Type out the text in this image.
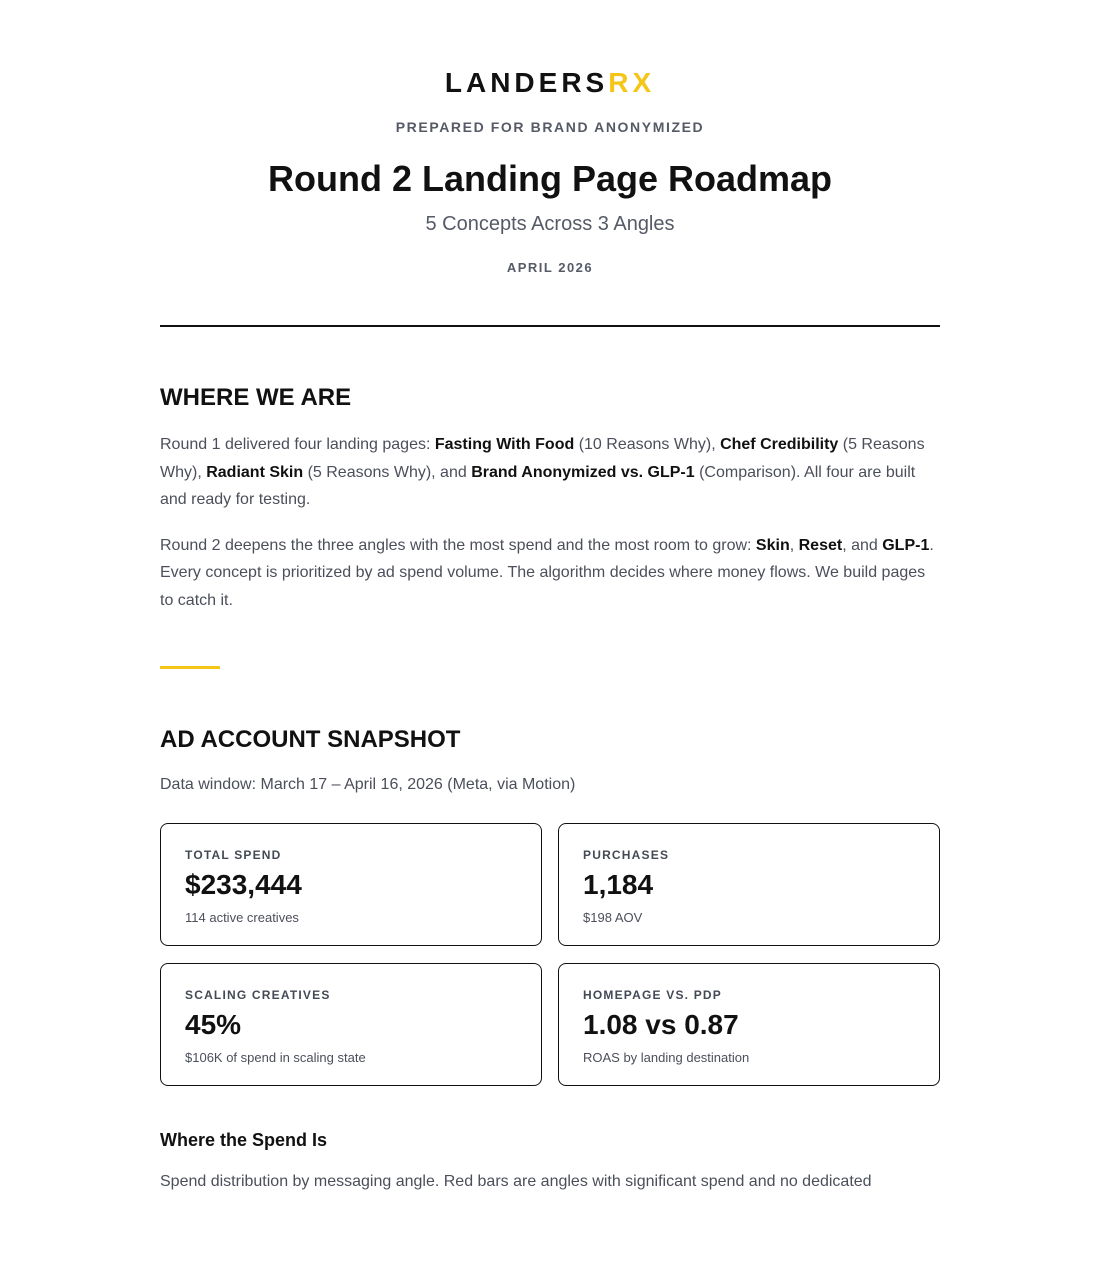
LANDERSRX
PREPARED FOR BRAND ANONYMIZED
Round 2 Landing Page Roadmap
5 Concepts Across 3 Angles
APRIL 2026
WHERE WE ARE

Round 1 delivered four landing pages: Fasting With Food (10 Reasons Why), Chef Credibility (5 Reasons Why), Radiant Skin (5 Reasons Why), and Brand Anonymized vs. GLP-1 (Comparison). All four are built and ready for testing.

Round 2 deepens the three angles with the most spend and the most room to grow: Skin, Reset, and GLP-1. Every concept is prioritized by ad spend volume. The algorithm decides where money flows. We build pages to catch it.

AD ACCOUNT SNAPSHOT
Data window: March 17 – April 16, 2026 (Meta, via Motion)
TOTAL SPEND
$233,444
114 active creatives
PURCHASES
1,184
$198 AOV
SCALING CREATIVES
45%
$106K of spend in scaling state
HOMEPAGE VS. PDP
1.08 vs 0.87
ROAS by landing destination
Where the Spend Is
Spend distribution by messaging angle. Red bars are angles with significant spend and no dedicated
